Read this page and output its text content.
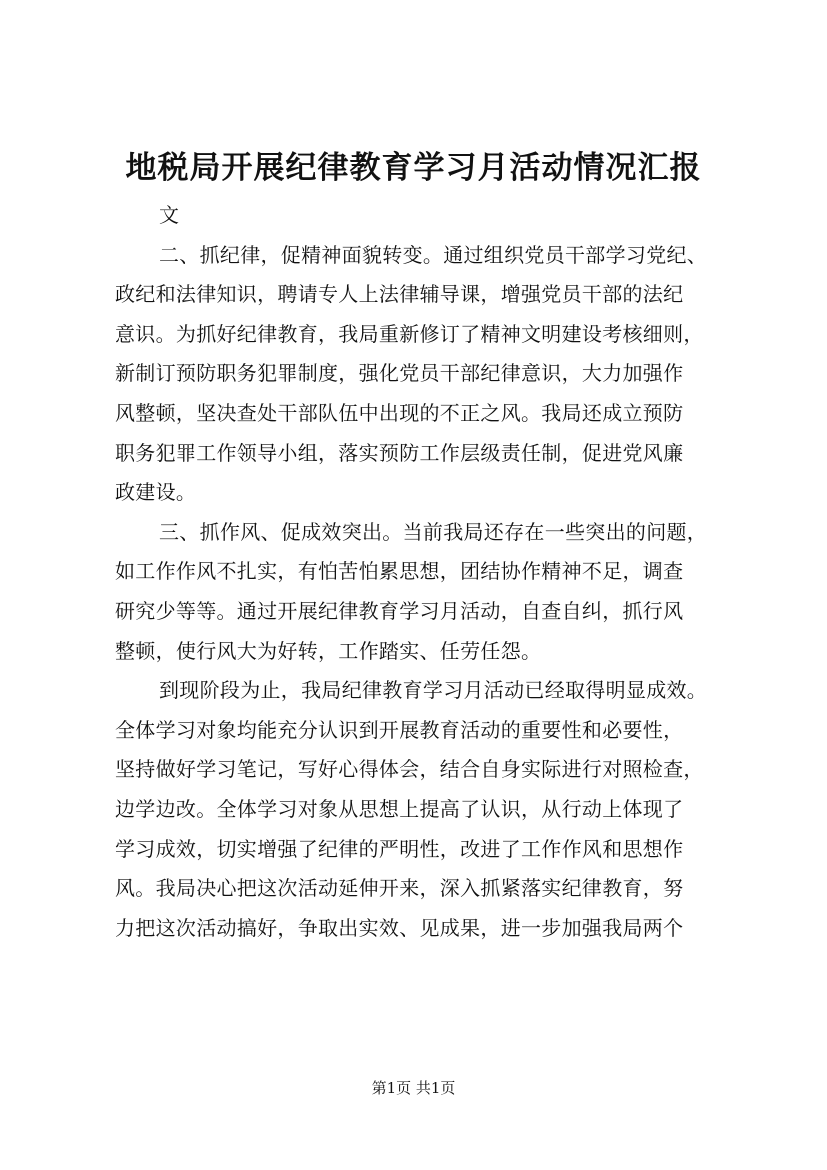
地税局开展纪律教育学习月活动情况汇报
文
二、抓纪律，促精神面貌转变。通过组织党员干部学习党纪、
政纪和法律知识，聘请专人上法律辅导课，增强党员干部的法纪
意识。为抓好纪律教育，我局重新修订了精神文明建设考核细则，
新制订预防职务犯罪制度，强化党员干部纪律意识，大力加强作
风整顿，坚决查处干部队伍中出现的不正之风。我局还成立预防
职务犯罪工作领导小组，落实预防工作层级责任制，促进党风廉
政建设。
三、抓作风、促成效突出。当前我局还存在一些突出的问题，
如工作作风不扎实，有怕苦怕累思想，团结协作精神不足，调查
研究少等等。通过开展纪律教育学习月活动，自查自纠，抓行风
整顿，使行风大为好转，工作踏实、任劳任怨。
到现阶段为止，我局纪律教育学习月活动已经取得明显成效。
全体学习对象均能充分认识到开展教育活动的重要性和必要性，
坚持做好学习笔记，写好心得体会，结合自身实际进行对照检查，
边学边改。全体学习对象从思想上提高了认识，从行动上体现了
学习成效，切实增强了纪律的严明性，改进了工作作风和思想作
风。我局决心把这次活动延伸开来，深入抓紧落实纪律教育，努
力把这次活动搞好，争取出实效、见成果，进一步加强我局两个
第1页 共1页
